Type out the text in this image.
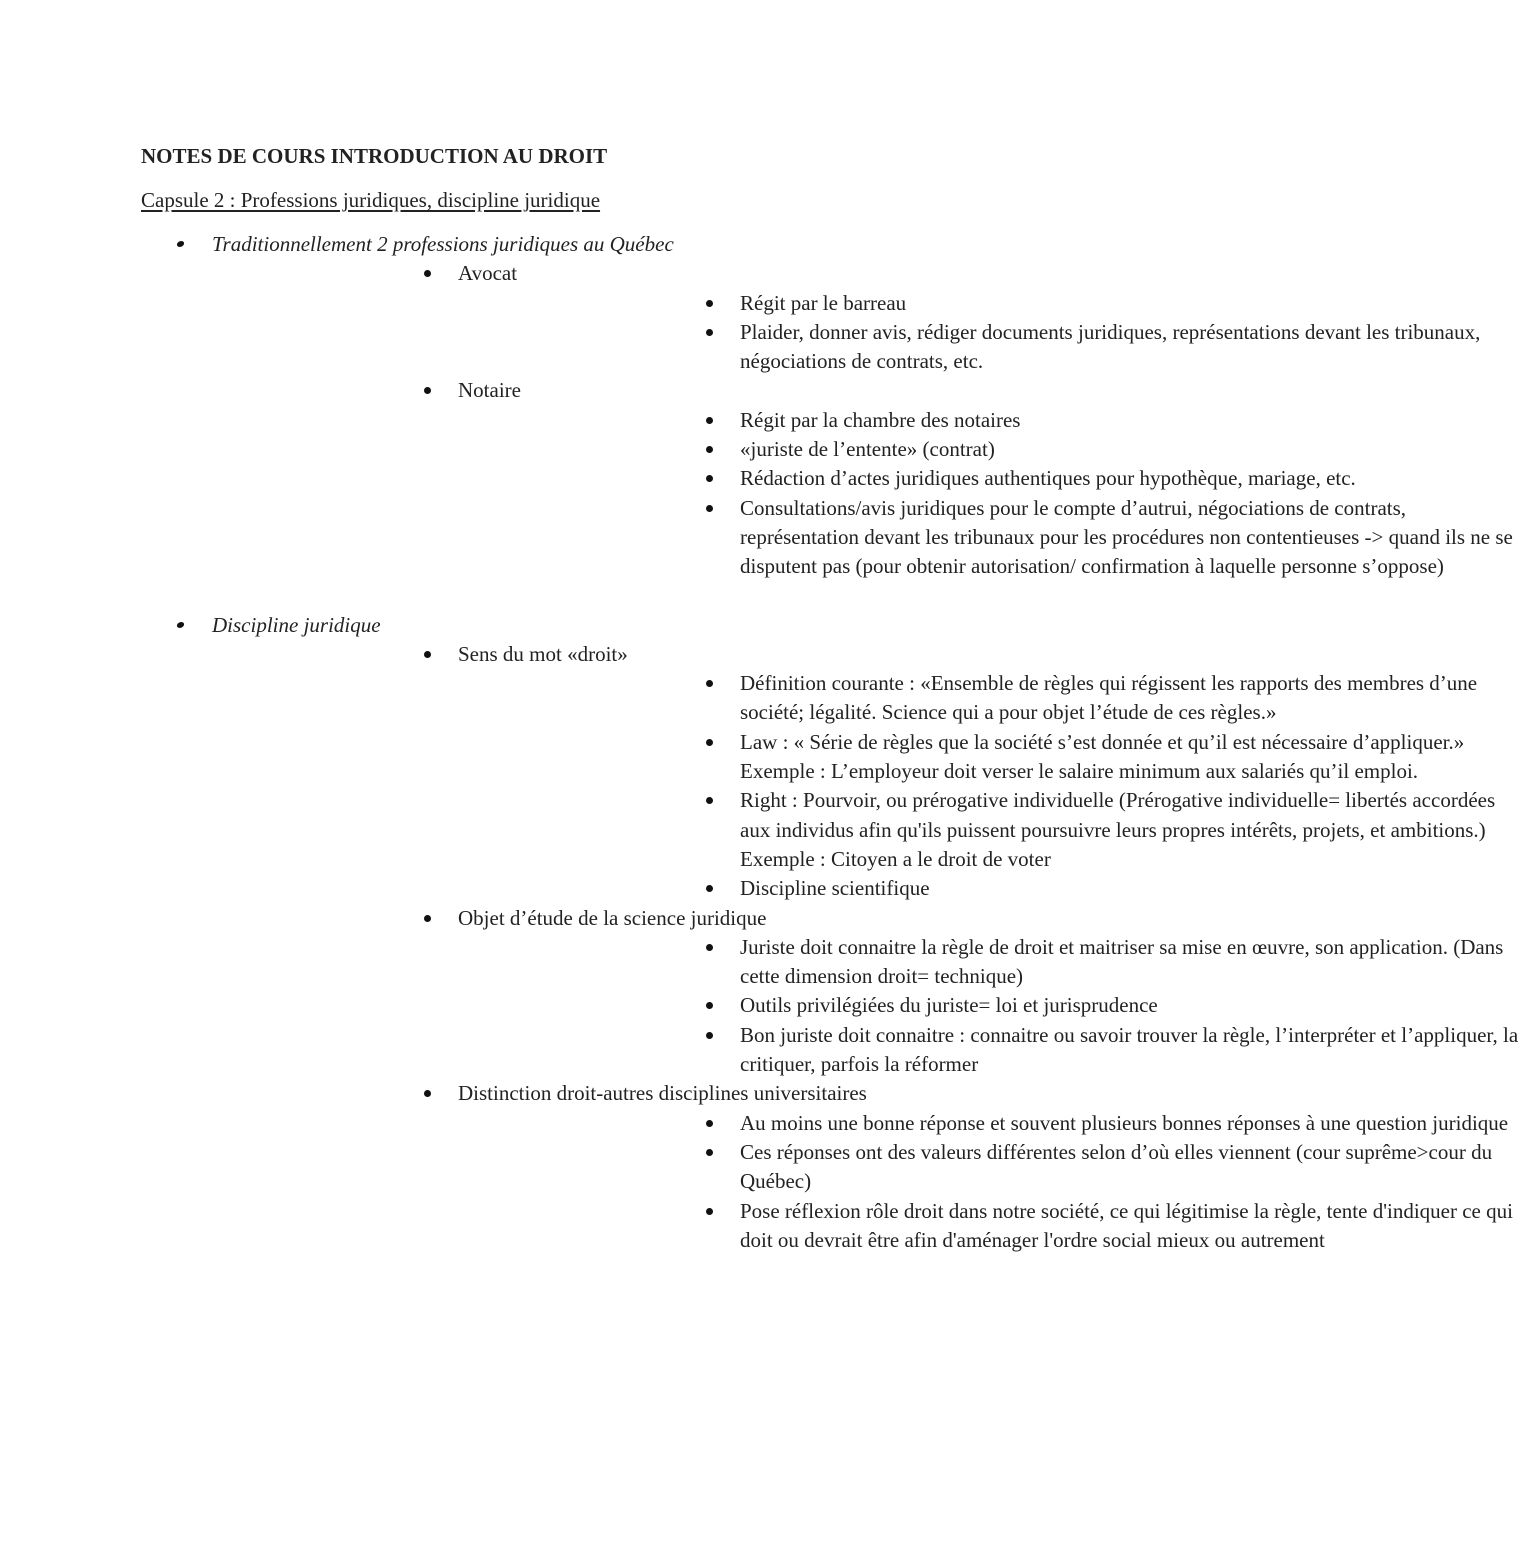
NOTES DE COURS INTRODUCTION AU DROIT
Capsule 2 : Professions juridiques, discipline juridique
Traditionnellement 2 professions juridiques au Québec
Avocat
Régit par le barreau
Plaider, donner avis, rédiger documents juridiques, représentations devant les tribunaux, négociations de contrats, etc.
Notaire
Régit par la chambre des notaires
«juriste de l’entente» (contrat)
Rédaction d’actes juridiques authentiques pour hypothèque, mariage, etc.
Consultations/avis juridiques pour le compte d’autrui, négociations de contrats, représentation devant les tribunaux pour les procédures non contentieuses -> quand ils ne se disputent pas (pour obtenir autorisation/ confirmation à laquelle personne s’oppose)
Discipline juridique
Sens du mot «droit»
Définition courante : «Ensemble de règles qui régissent les rapports des membres d’une société; légalité. Science qui a pour objet l’étude de ces règles.»
Law : « Série de règles que la société s’est donnée et qu’il est nécessaire d’appliquer.» Exemple : L’employeur doit verser le salaire minimum aux salariés qu’il emploi.
Right : Pourvoir, ou prérogative individuelle (Prérogative individuelle= libertés accordées aux individus afin qu'ils puissent poursuivre leurs propres intérêts, projets, et ambitions.) Exemple : Citoyen a le droit de voter
Discipline scientifique
Objet d’étude de la science juridique
Juriste doit connaitre la règle de droit et maitriser sa mise en œuvre, son application. (Dans cette dimension droit= technique)
Outils privilégiées du juriste= loi et jurisprudence
Bon juriste doit connaitre : connaitre ou savoir trouver la règle, l’interpréter et l’appliquer, la critiquer, parfois la réformer
Distinction droit-autres disciplines universitaires
Au moins une bonne réponse et souvent plusieurs bonnes réponses à une question juridique
Ces réponses ont des valeurs différentes selon d’où elles viennent (cour suprême>cour du Québec)
Pose réflexion rôle droit dans notre société, ce qui légitimise la règle, tente d'indiquer ce qui doit ou devrait être afin d'aménager l'ordre social mieux ou autrement
